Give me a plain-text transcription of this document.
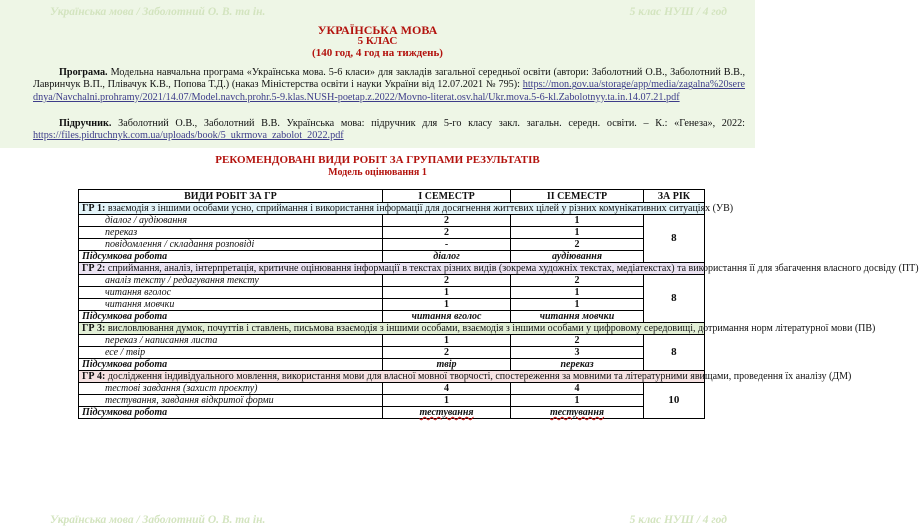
Українська мова / Заболотний О. В. та ін.	5 клас НУШ / 4 год
УКРАЇНСЬКА МОВА
5 КЛАС
(140 год, 4 год на тиждень)
Програма. Модельна навчальна програма «Українська мова. 5-6 класи» для закладів загальної середньої освіти (автори: Заболотний О.В., Заболотний В.В., Лавринчук В.П., Плівачук К.В., Попова Т.Д.) (наказ Міністерства освіти і науки України від 12.07.2021 № 795): https://mon.gov.ua/storage/app/media/zagalna%20serednya/Navchalni.prohramy/2021/14.07/Model.navch.prohr.5-9.klas.NUSH-poetap.z.2022/Movno-literat.osv.hal/Ukr.mova.5-6-kl.Zabolotnyy.ta.in.14.07.21.pdf
Підручник. Заболотний О.В., Заболотний В.В. Українська мова: підручник для 5-го класу закл. загальн. середн. освіти. – К.: «Генеза», 2022: https://files.pidruchnyk.com.ua/uploads/book/5_ukrmova_zabolot_2022.pdf
РЕКОМЕНДОВАНІ ВИДИ РОБІТ ЗА ГРУПАМИ РЕЗУЛЬТАТІВ
Модель оцінювання 1
ВИДИ РОБІТ ЗА ГР	І СЕМЕСТР	ІІ СЕМЕСТР	ЗА РІК
ГР 1: взаємодія з іншими особами усно, сприймання і використання інформації для досягнення життєвих цілей у різних комунікативних ситуаціях (УВ)			
діалог / аудіювання	2	1	8
переказ	2	1	
повідомлення / складання розповіді	-	2	
Підсумкова робота	діалог	аудіювання	
ГР 2: сприймання, аналіз, інтерпретація, критичне оцінювання інформації в текстах різних видів (зокрема художніх текстах, медіатекстах) та використання її для збагачення власного досвіду (ПТ)			
аналіз тексту / редагування тексту	2	2	8
читання вголос	1	1	
читання мовчки	1	1	
Підсумкова робота	читання вголос	читання мовчки	
ГР 3: висловлювання думок, почуттів і ставлень, письмова взаємодія з іншими особами, взаємодія з іншими особами у цифровому середовищі, дотримання норм літературної мови (ПВ)			
переказ / написання листа	1	2	8
есе / твір	2	3	
Підсумкова робота	твір	переказ	
ГР 4: дослідження індивідуального мовлення, використання мови для власної мовної творчості, спостереження за мовними та літературними явищами, проведення їх аналізу (ДМ)			
тестові завдання (захист проєкту)	4	4	10
тестування, завдання відкритої форми	1	1	
Підсумкова робота	тестування	тестування	
Українська мова / Заболотний О. В. та ін.	5 клас НУШ / 4 год
